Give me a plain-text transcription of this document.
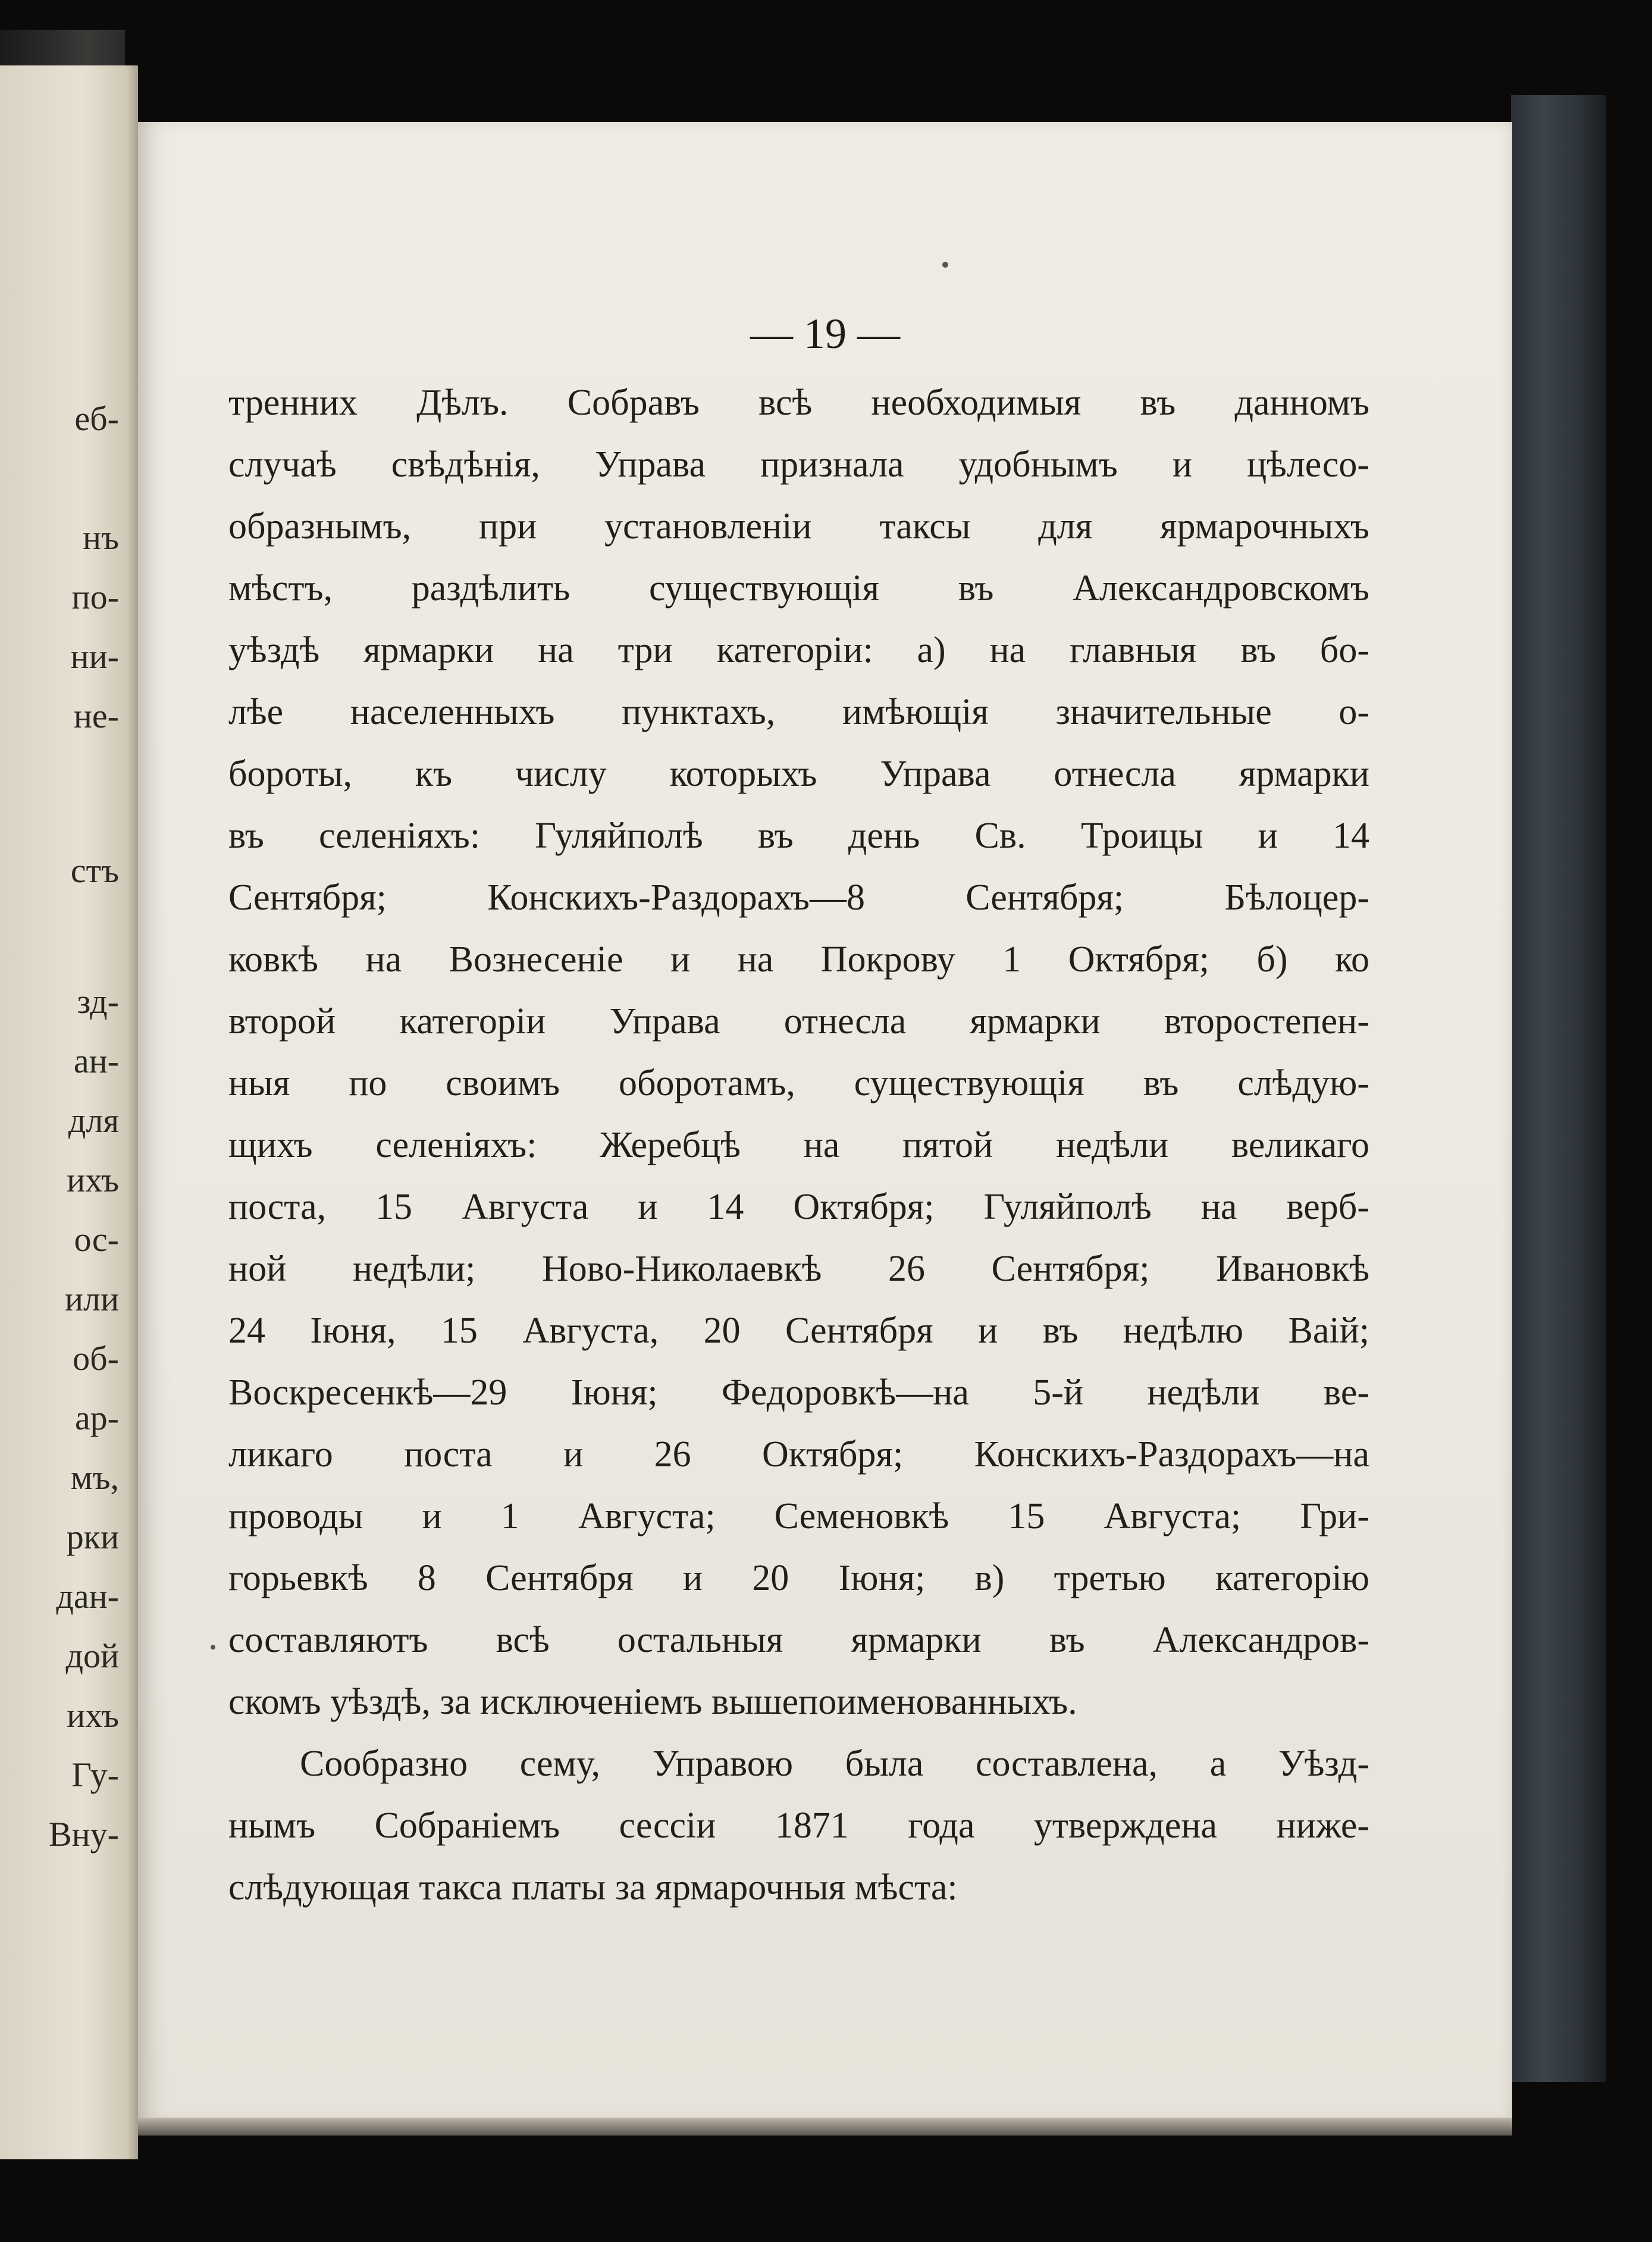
еб-
нъ
по-
ни-
не-
стъ
зд-
ан-
для
ихъ
ос-
или
об-
ар-
мъ,
рки
дан-
дой
ихъ
Гу-
Вну-
— 19 —
тренних Дѣлъ. Собравъ всѣ необходимыя въ данномъ
случаѣ свѣдѣнія, Управа признала удобнымъ и цѣлесо-
образнымъ, при установленіи таксы для ярмарочныхъ
мѣстъ, раздѣлить существующія въ Александровскомъ
уѣздѣ ярмарки на три категоріи: а) на главныя въ бо-
лѣе населенныхъ пунктахъ, имѣющія значительные о-
бороты, къ числу которыхъ Управа отнесла ярмарки
въ селеніяхъ: Гуляйполѣ въ день Св. Троицы и 14
Сентября; Конскихъ-Раздорахъ—8 Сентября; Бѣлоцер-
ковкѣ на Вознесеніе и на Покрову 1 Октября; б) ко
второй категоріи Управа отнесла ярмарки второстепен-
ныя по своимъ оборотамъ, существующія въ слѣдую-
щихъ селеніяхъ: Жеребцѣ на пятой недѣли великаго
поста, 15 Августа и 14 Октября; Гуляйполѣ на верб-
ной недѣли; Ново-Николаевкѣ 26 Сентября; Ивановкѣ
24 Іюня, 15 Августа, 20 Сентября и въ недѣлю Ваій;
Воскресенкѣ—29 Іюня; Федоровкѣ—на 5-й недѣли ве-
ликаго поста и 26 Октября; Конскихъ-Раздорахъ—на
проводы и 1 Августа; Семеновкѣ 15 Августа; Гри-
горьевкѣ 8 Сентября и 20 Іюня; в) третью категорію
составляютъ всѣ остальныя ярмарки въ Александров-
скомъ уѣздѣ, за исключеніемъ вышепоименованныхъ.
Сообразно сему, Управою была составлена, а Уѣзд-
нымъ Собраніемъ сессіи 1871 года утверждена ниже-
слѣдующая такса платы за ярмарочныя мѣста:
